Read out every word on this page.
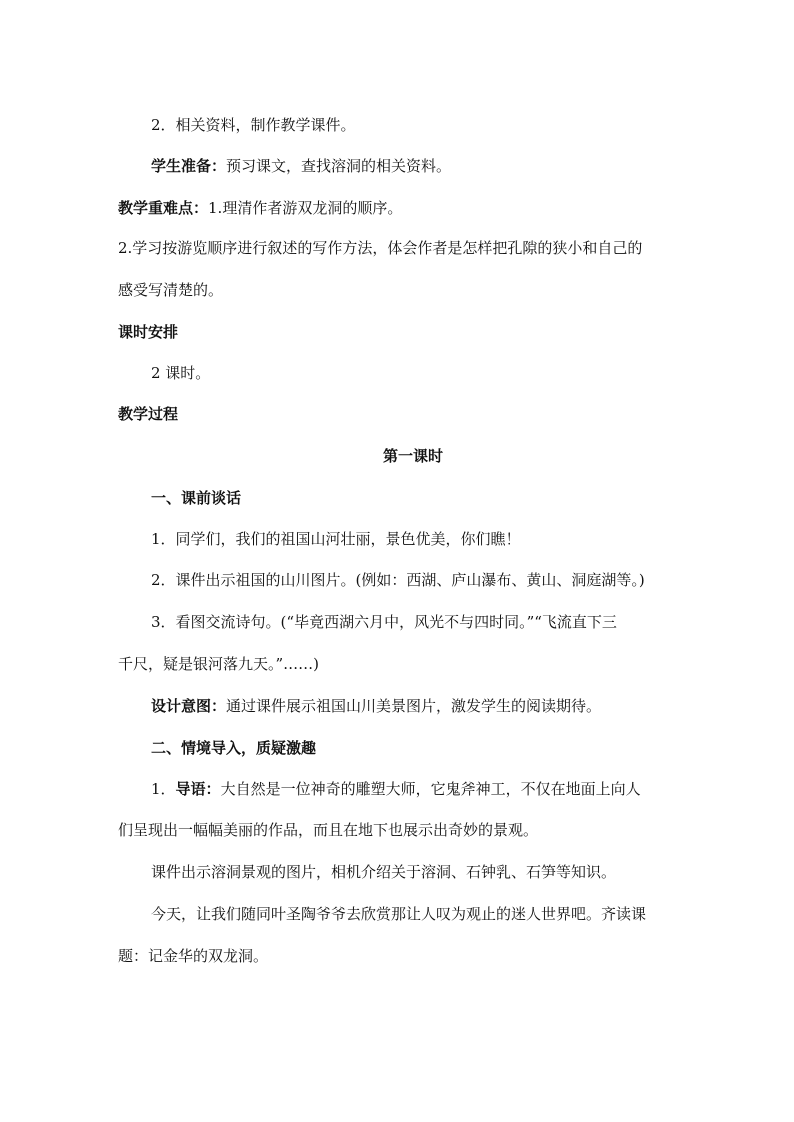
2．相关资料，制作教学课件。
学生准备：预习课文，查找溶洞的相关资料。
教学重难点：1.理清作者游双龙洞的顺序。
2.学习按游览顺序进行叙述的写作方法，体会作者是怎样把孔隙的狭小和自己的
感受写清楚的。
课时安排
2 课时。
教学过程
第一课时
一、课前谈话
1．同学们，我们的祖国山河壮丽，景色优美，你们瞧！
2．课件出示祖国的山川图片。(例如：西湖、庐山瀑布、黄山、洞庭湖等。)
3．看图交流诗句。(“毕竟西湖六月中，风光不与四时同。”“飞流直下三
千尺，疑是银河落九天。”……)
设计意图：通过课件展示祖国山川美景图片，激发学生的阅读期待。
二、情境导入，质疑激趣
1．导语：大自然是一位神奇的雕塑大师，它鬼斧神工，不仅在地面上向人
们呈现出一幅幅美丽的作品，而且在地下也展示出奇妙的景观。
课件出示溶洞景观的图片，相机介绍关于溶洞、石钟乳、石笋等知识。
今天，让我们随同叶圣陶爷爷去欣赏那让人叹为观止的迷人世界吧。齐读课
题：记金华的双龙洞。
